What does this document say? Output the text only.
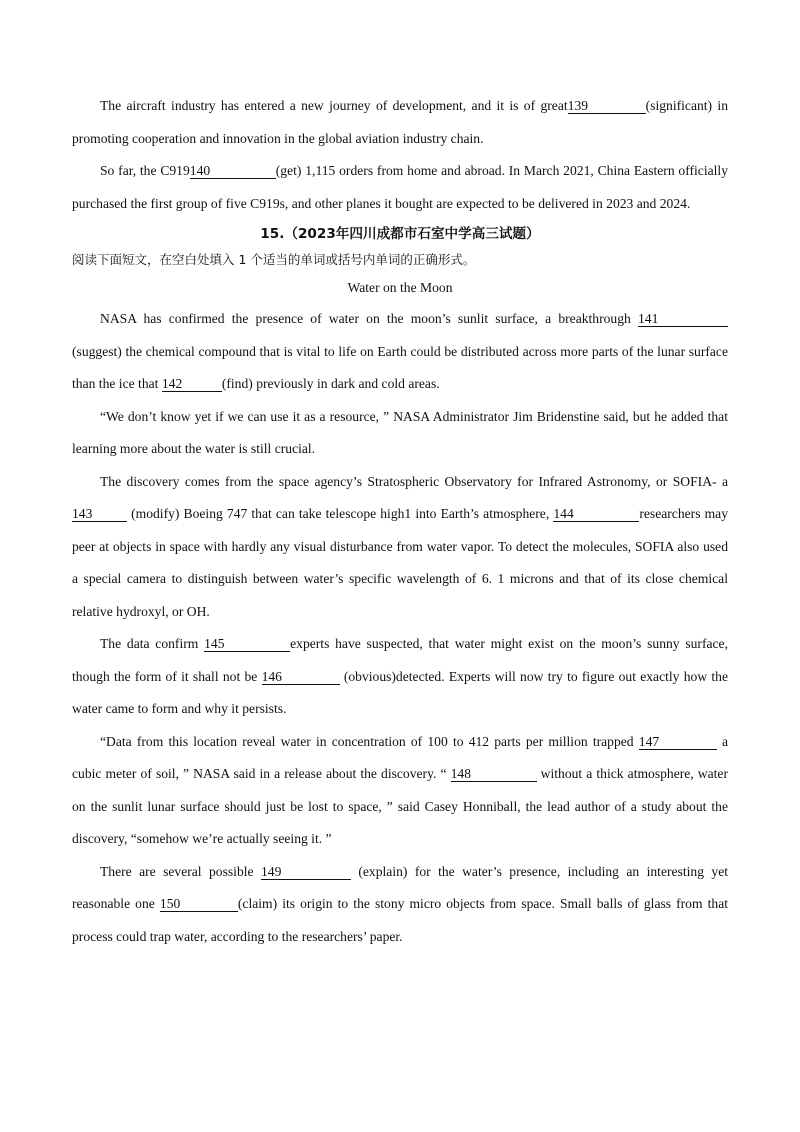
The aircraft industry has entered a new journey of development, and it is of great139	(significant) in promoting cooperation and innovation in the global aviation industry chain.

So far, the C919140	(get) 1,115 orders from home and abroad. In March 2021, China Eastern officially purchased the first group of five C919s, and other planes it bought are expected to be delivered in 2023 and 2024.

15.（2023年四川成都市石室中学高三试题）

阅读下面短文，在空白处填入 1 个适当的单词或括号内单词的正确形式。

Water on the Moon

NASA has confirmed the presence of water on the moon’s sunlit surface, a breakthrough 141 (suggest) the chemical compound that is vital to life on Earth could be distributed across more parts of the lunar surface than the ice that 142	(find) previously in dark and cold areas.

“We don’t know yet if we can use it as a resource, ” NASA Administrator Jim Bridenstine said, but he added that learning more about the water is still crucial.

The discovery comes from the space agency’s Stratospheric Observatory for Infrared Astronomy, or SOFIA- a 143	(modify) Boeing 747 that can take telescope high1 into Earth’s atmosphere, 144	researchers may peer at objects in space with hardly any visual disturbance from water vapor. To detect the molecules, SOFIA also used a special camera to distinguish between water’s specific wavelength of 6. 1 microns and that of its close chemical relative hydroxyl, or OH.

The data confirm 145	experts have suspected, that water might exist on the moon’s sunny surface, though the form of it shall not be 146	(obvious)detected. Experts will now try to figure out exactly how the water came to form and why it persists.

“Data from this location reveal water in concentration of 100 to 412 parts per million trapped 147	a cubic meter of soil, ” NASA said in a release about the discovery. “ 148	without a thick atmosphere, water on the sunlit lunar surface should just be lost to space, ” said Casey Honniball, the lead author of a study about the discovery, “somehow we’re actually seeing it. ”

There are several possible 149	(explain) for the water’s presence, including an interesting yet reasonable one 150	(claim) its origin to the stony micro objects from space. Small balls of glass from that process could trap water, according to the researchers’ paper.
